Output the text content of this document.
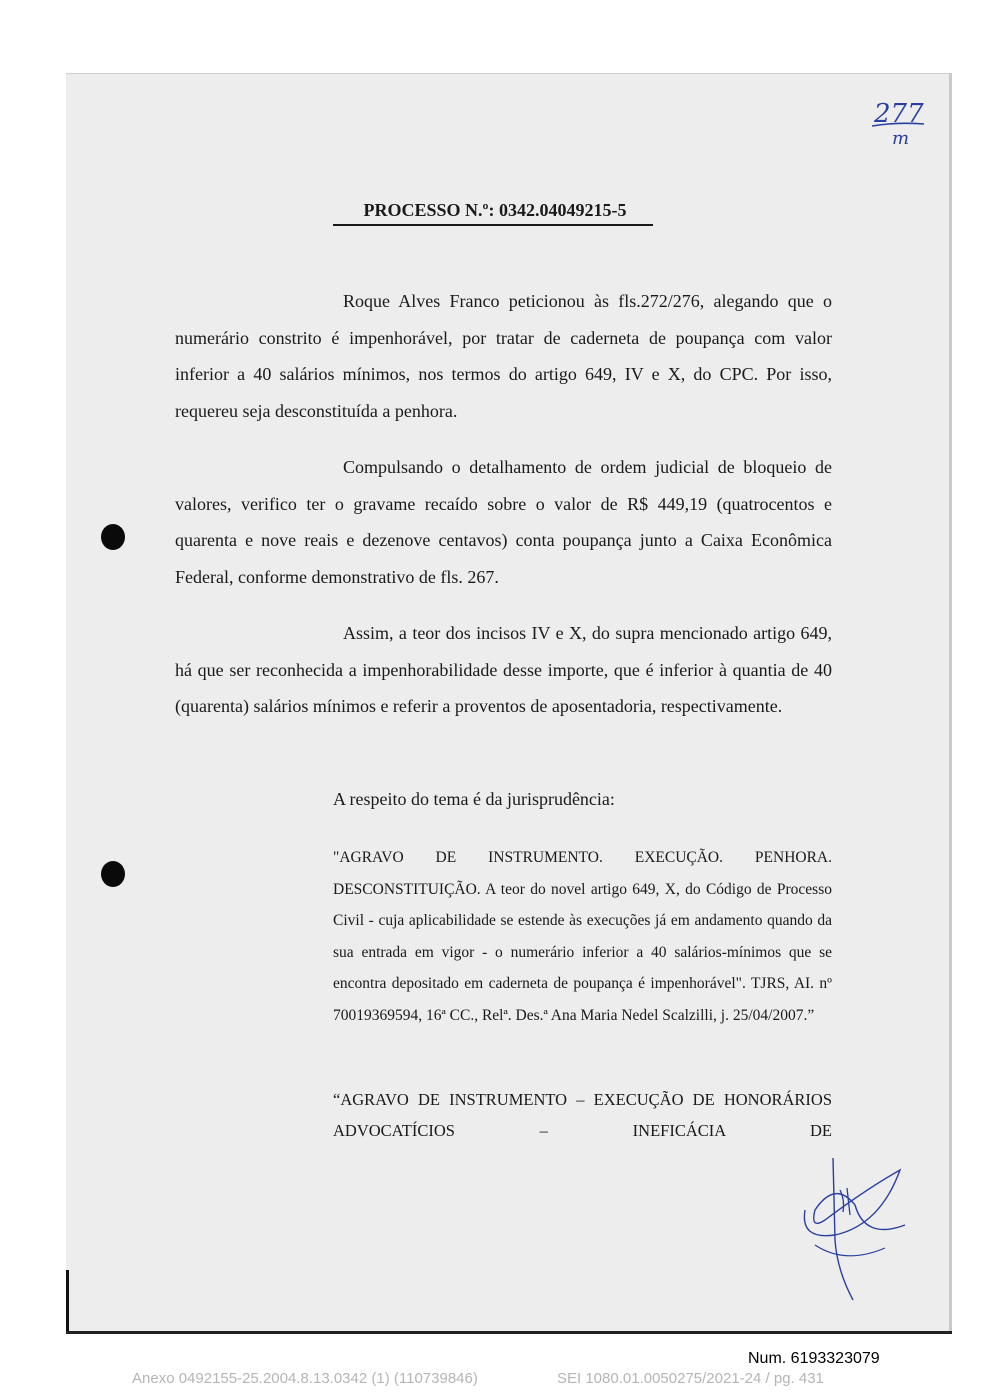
277
m
PROCESSO N.º: 0342.04049215-5
Roque Alves Franco peticionou às fls.272/276, alegando que o numerário constrito é impenhorável, por tratar de caderneta de poupança com valor inferior a 40 salários mínimos, nos termos do artigo 649, IV e X, do CPC. Por isso, requereu seja desconstituída a penhora.
Compulsando o detalhamento de ordem judicial de bloqueio de valores, verifico ter o gravame recaído sobre o valor de R$ 449,19 (quatrocentos e quarenta e nove reais e dezenove centavos) conta poupança junto a Caixa Econômica Federal, conforme demonstrativo de fls. 267.
Assim, a teor dos incisos IV e X, do supra mencionado artigo 649, há que ser reconhecida a impenhorabilidade desse importe, que é inferior à quantia de 40 (quarenta) salários mínimos e referir a proventos de aposentadoria, respectivamente.
A respeito do tema é da jurisprudência:
"AGRAVO DE INSTRUMENTO. EXECUÇÃO. PENHORA. DESCONSTITUIÇÃO. A teor do novel artigo 649, X, do Código de Processo Civil - cuja aplicabilidade se estende às execuções já em andamento quando da sua entrada em vigor - o numerário inferior a 40 salários-mínimos que se encontra depositado em caderneta de poupança é impenhorável". TJRS, AI. nº 70019369594, 16ª CC., Relª. Des.ª Ana Maria Nedel Scalzilli, j. 25/04/2007.”
“AGRAVO DE INSTRUMENTO – EXECUÇÃO DE HONORÁRIOS ADVOCATÍCIOS – INEFICÁCIA DE
Num. 6193323079
Anexo 0492155-25.2004.8.13.0342 (1) (110739846)	SEI 1080.01.0050275/2021-24 / pg. 431
